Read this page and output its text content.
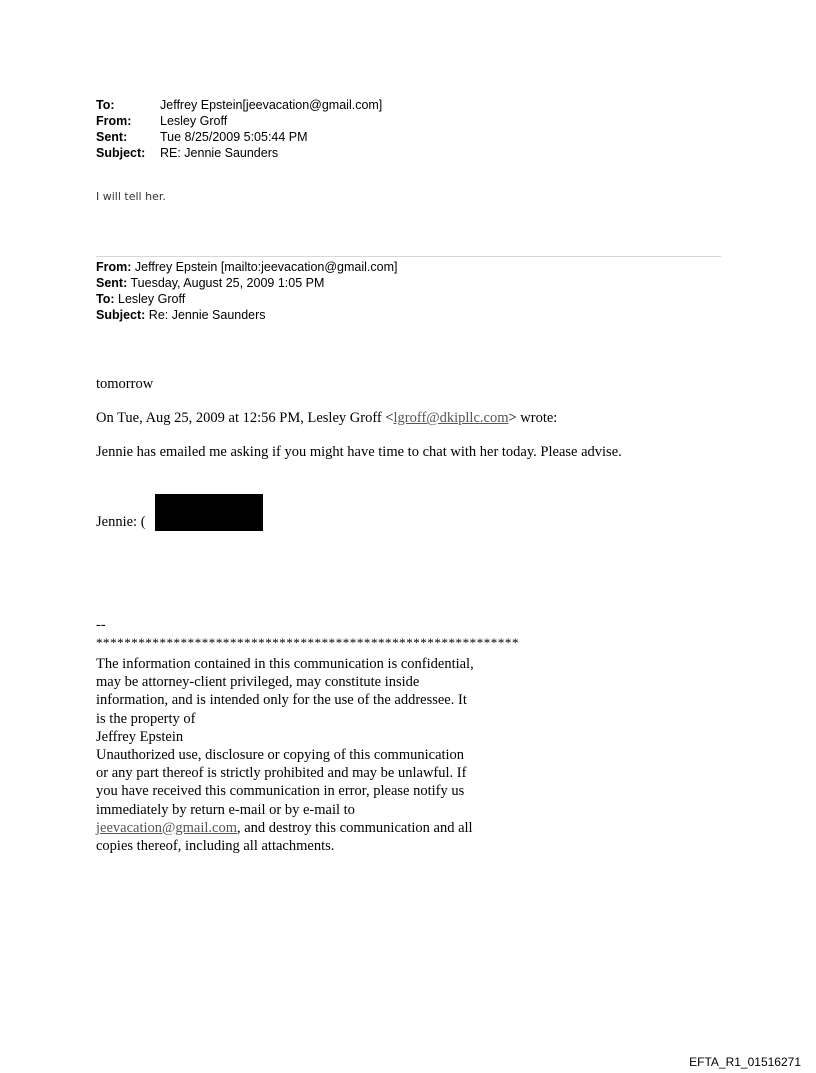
To:	Jeffrey Epstein[jeevacation@gmail.com]
From:	Lesley Groff
Sent:	Tue 8/25/2009 5:05:44 PM
Subject:	RE: Jennie Saunders
I will tell her.
From: Jeffrey Epstein [mailto:jeevacation@gmail.com]
Sent: Tuesday, August 25, 2009 1:05 PM
To: Lesley Groff
Subject: Re: Jennie Saunders
tomorrow
On Tue, Aug 25, 2009 at 12:56 PM, Lesley Groff <lgroff@dkipllc.com> wrote:
Jennie has emailed me asking if you might have time to chat with her today. Please advise.
Jennie: (
--
************************************************************
The information contained in this communication is confidential, may be attorney-client privileged, may constitute inside information, and is intended only for the use of the addressee. It is the property of
Jeffrey Epstein
Unauthorized use, disclosure or copying of this communication or any part thereof is strictly prohibited and may be unlawful. If you have received this communication in error, please notify us immediately by return e-mail or by e-mail to jeevacation@gmail.com, and destroy this communication and all copies thereof, including all attachments.
EFTA_R1_01516271
